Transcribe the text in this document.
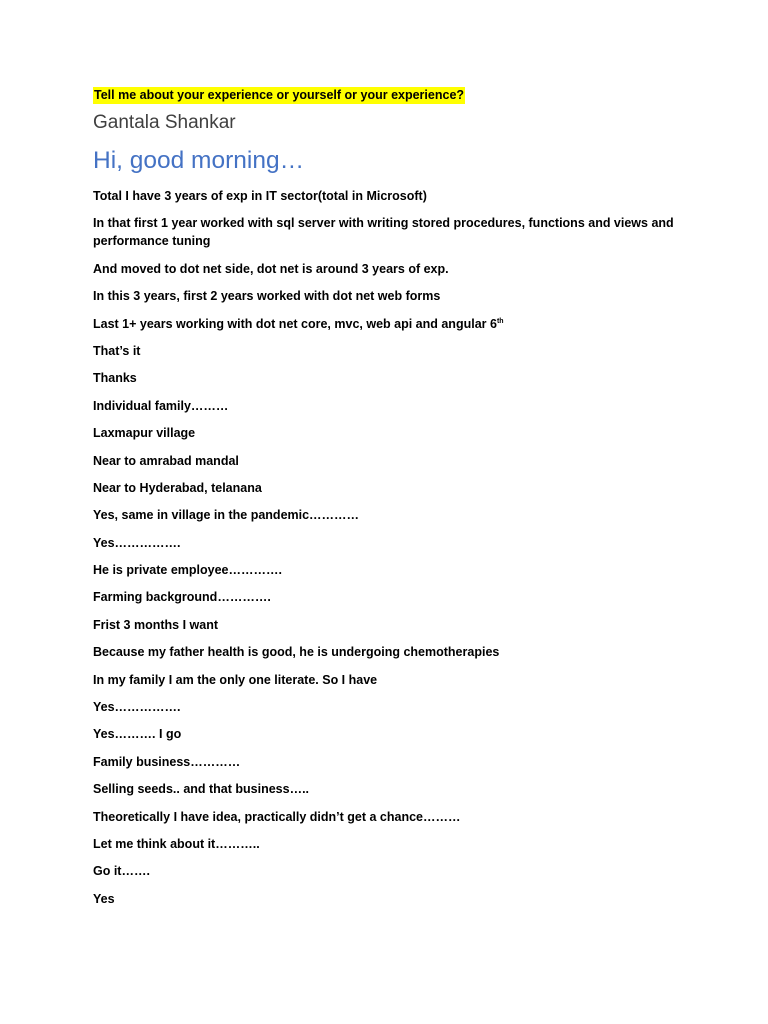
Tell me about your experience or yourself or your experience?
Gantala Shankar
Hi, good morning…
Total I have 3 years of exp in IT sector(total in Microsoft)
In that first 1 year worked with sql server with writing stored procedures, functions and views and performance tuning
And moved to dot net side, dot net is around 3 years of exp.
In this 3 years, first 2 years worked with dot net web forms
Last 1+ years working with dot net core, mvc, web api and angular 6th
That’s it
Thanks
Individual family………
Laxmapur village
Near to amrabad mandal
Near to Hyderabad, telanana
Yes, same in village in the pandemic…………
Yes…………….
He is private employee………….
Farming background………….
Frist 3 months I want
Because my father health is good, he is undergoing chemotherapies
In my family I am the only one literate. So I have
Yes…………….
Yes………. I go
Family business…………
Selling seeds.. and that business…..
Theoretically I have idea, practically didn’t get a chance………
Let me think about it………..
Go it…….
Yes
